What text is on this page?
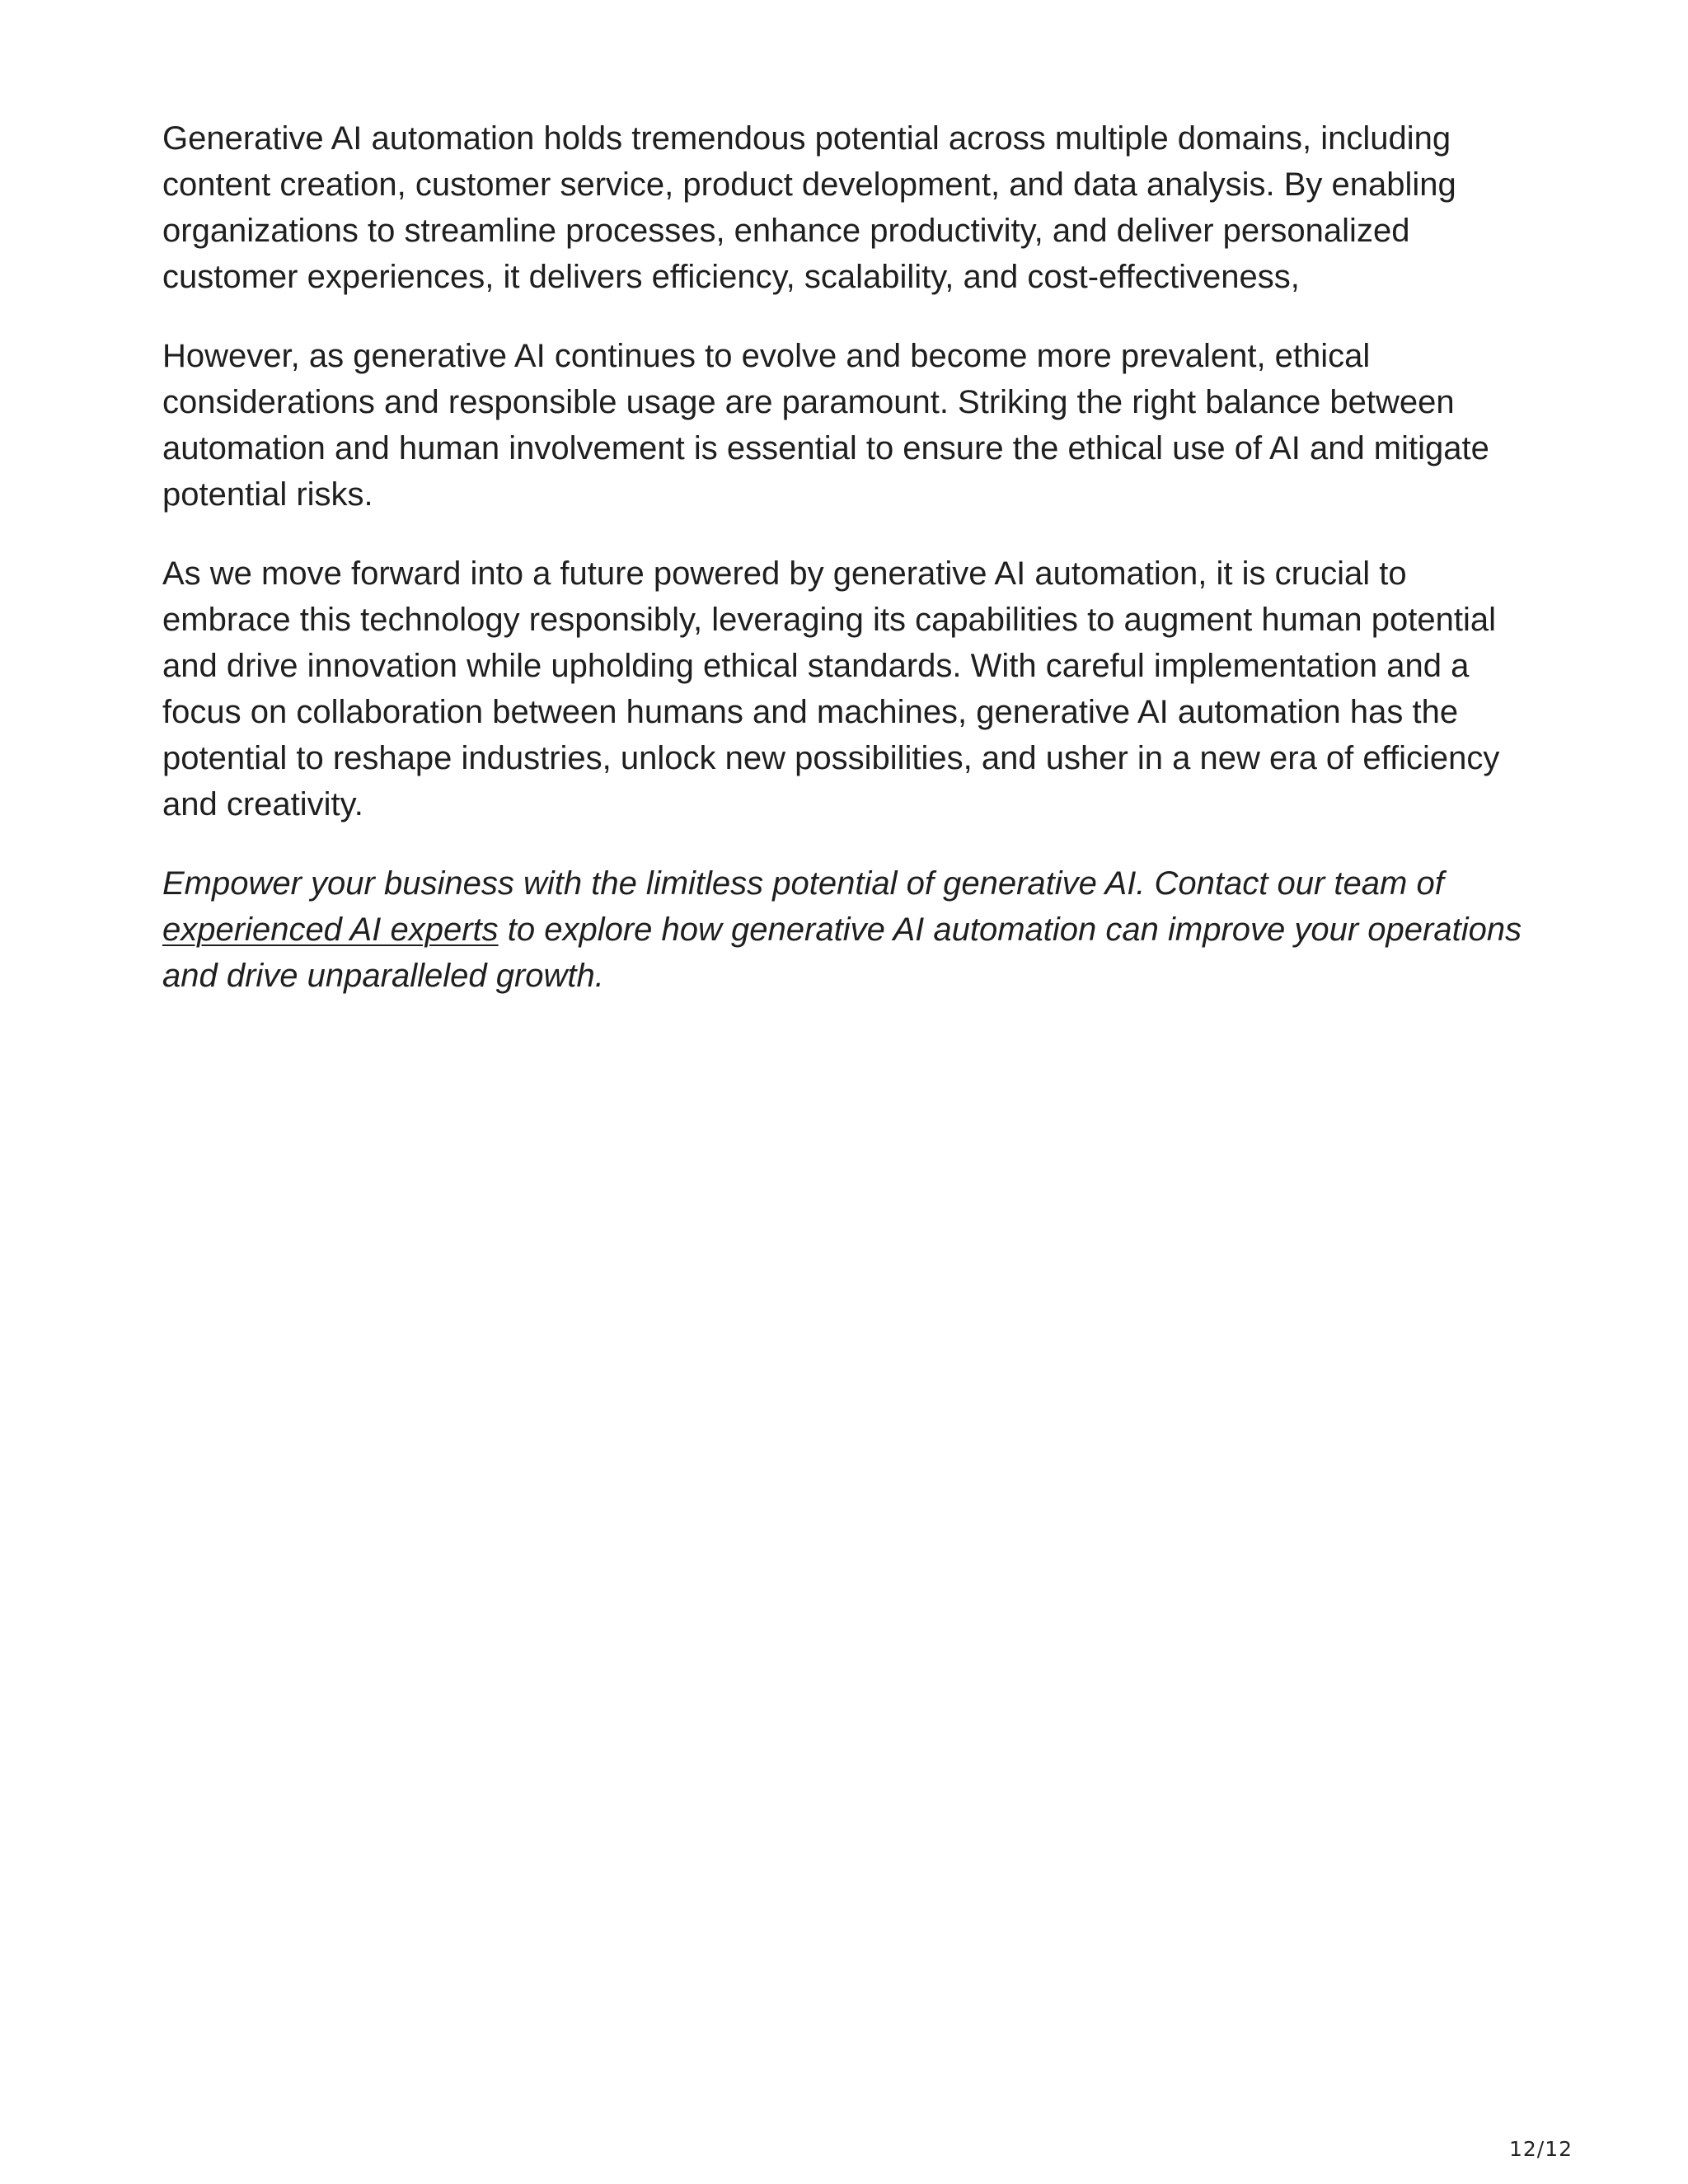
Generative AI automation holds tremendous potential across multiple domains, including content creation, customer service, product development, and data analysis. By enabling organizations to streamline processes, enhance productivity, and deliver personalized customer experiences, it delivers efficiency, scalability, and cost-effectiveness,

However, as generative AI continues to evolve and become more prevalent, ethical considerations and responsible usage are paramount. Striking the right balance between automation and human involvement is essential to ensure the ethical use of AI and mitigate potential risks.

As we move forward into a future powered by generative AI automation, it is crucial to embrace this technology responsibly, leveraging its capabilities to augment human potential and drive innovation while upholding ethical standards. With careful implementation and a focus on collaboration between humans and machines, generative AI automation has the potential to reshape industries, unlock new possibilities, and usher in a new era of efficiency and creativity.

Empower your business with the limitless potential of generative AI. Contact our team of experienced AI experts to explore how generative AI automation can improve your operations and drive unparalleled growth.

12/12
